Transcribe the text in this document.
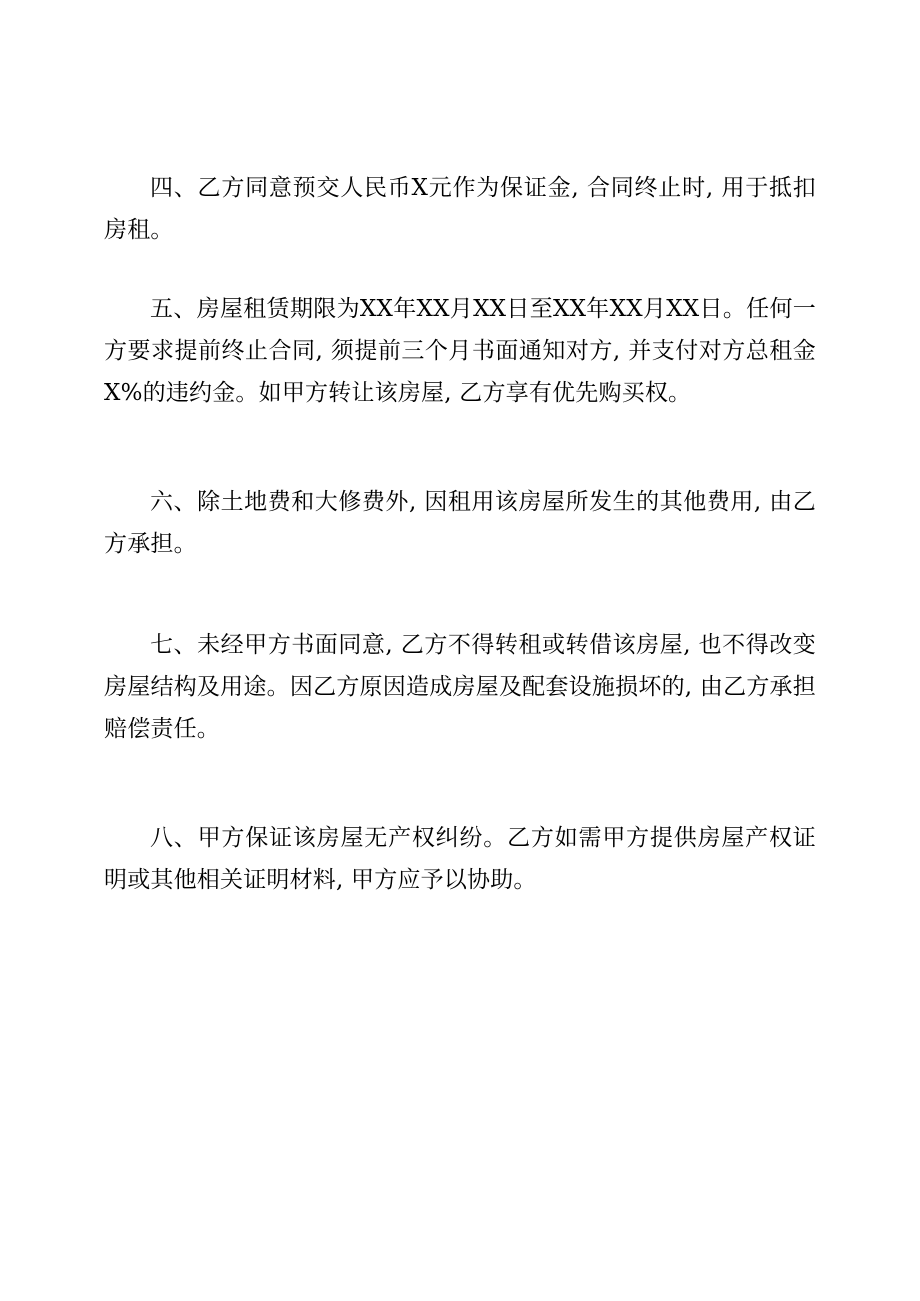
四、乙方同意预交人民币X元作为保证金, 合同终止时, 用于抵扣房租。

五、房屋租赁期限为XX年XX月XX日至XX年XX月XX日。任何一方要求提前终止合同, 须提前三个月书面通知对方, 并支付对方总租金X%的违约金。如甲方转让该房屋, 乙方享有优先购买权。

六、除土地费和大修费外, 因租用该房屋所发生的其他费用, 由乙方承担。

七、未经甲方书面同意, 乙方不得转租或转借该房屋, 也不得改变房屋结构及用途。因乙方原因造成房屋及配套设施损坏的, 由乙方承担赔偿责任。

八、甲方保证该房屋无产权纠纷。乙方如需甲方提供房屋产权证明或其他相关证明材料, 甲方应予以协助。
